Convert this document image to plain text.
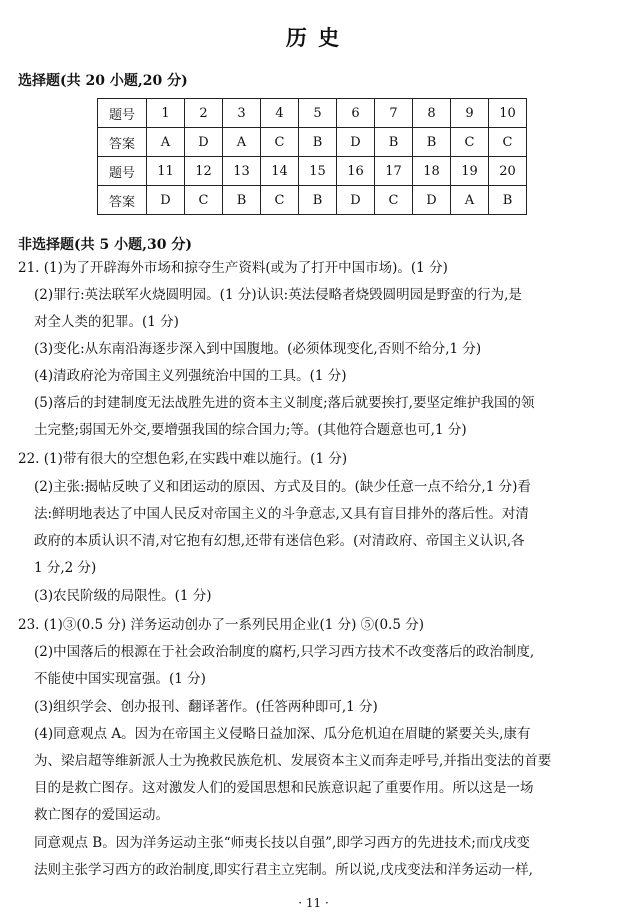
历 史
选择题(共 20 小题,20 分)
题号	1	2	3	4	5	6	7	8	9	10
答案	A	D	A	C	B	D	B	B	C	C
题号	11	12	13	14	15	16	17	18	19	20
答案	D	C	B	C	B	D	C	D	A	B
非选择题(共 5 小题,30 分)
21. (1)为了开辟海外市场和掠夺生产资料(或为了打开中国市场)。(1 分)
(2)罪行:英法联军火烧圆明园。(1 分)认识:英法侵略者烧毁圆明园是野蛮的行为,是
对全人类的犯罪。(1 分)
(3)变化:从东南沿海逐步深入到中国腹地。(必须体现变化,否则不给分,1 分)
(4)清政府沦为帝国主义列强统治中国的工具。(1 分)
(5)落后的封建制度无法战胜先进的资本主义制度;落后就要挨打,要坚定维护我国的领
土完整;弱国无外交,要增强我国的综合国力;等。(其他符合题意也可,1 分)
22. (1)带有很大的空想色彩,在实践中难以施行。(1 分)
(2)主张:揭帖反映了义和团运动的原因、方式及目的。(缺少任意一点不给分,1 分)看
法:鲜明地表达了中国人民反对帝国主义的斗争意志,又具有盲目排外的落后性。对清
政府的本质认识不清,对它抱有幻想,还带有迷信色彩。(对清政府、帝国主义认识,各
1 分,2 分)
(3)农民阶级的局限性。(1 分)
23. (1)③(0.5 分) 洋务运动创办了一系列民用企业(1 分) ⑤(0.5 分)
(2)中国落后的根源在于社会政治制度的腐朽,只学习西方技术不改变落后的政治制度,
不能使中国实现富强。(1 分)
(3)组织学会、创办报刊、翻译著作。(任答两种即可,1 分)
(4)同意观点 A。因为在帝国主义侵略日益加深、瓜分危机迫在眉睫的紧要关头,康有
为、梁启超等维新派人士为挽救民族危机、发展资本主义而奔走呼号,并指出变法的首要
目的是救亡图存。这对激发人们的爱国思想和民族意识起了重要作用。所以这是一场
救亡图存的爱国运动。
同意观点 B。因为洋务运动主张“师夷长技以自强”,即学习西方的先进技术;而戊戌变
法则主张学习西方的政治制度,即实行君主立宪制。所以说,戊戌变法和洋务运动一样,
· 11 ·
